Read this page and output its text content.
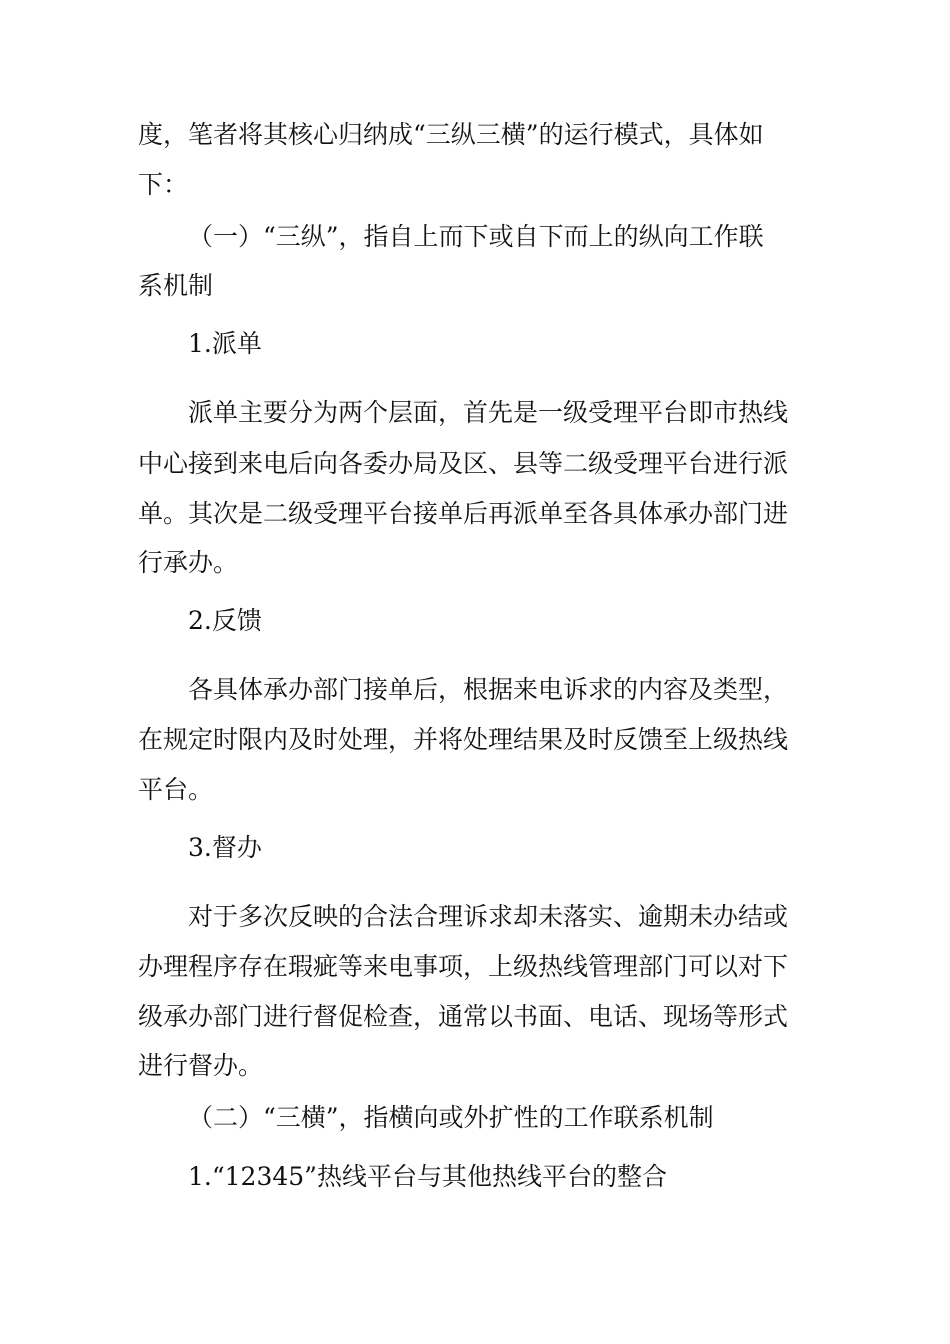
度，笔者将其核心归纳成“三纵三横”的运行模式，具体如
下：
（一）“三纵”，指自上而下或自下而上的纵向工作联
系机制
1.派单
派单主要分为两个层面，首先是一级受理平台即市热线
中心接到来电后向各委办局及区、县等二级受理平台进行派
单。其次是二级受理平台接单后再派单至各具体承办部门进
行承办。
2.反馈
各具体承办部门接单后，根据来电诉求的内容及类型，
在规定时限内及时处理，并将处理结果及时反馈至上级热线
平台。
3.督办
对于多次反映的合法合理诉求却未落实、逾期未办结或
办理程序存在瑕疵等来电事项，上级热线管理部门可以对下
级承办部门进行督促检查，通常以书面、电话、现场等形式
进行督办。
（二）“三横”，指横向或外扩性的工作联系机制
1.“12345”热线平台与其他热线平台的整合
